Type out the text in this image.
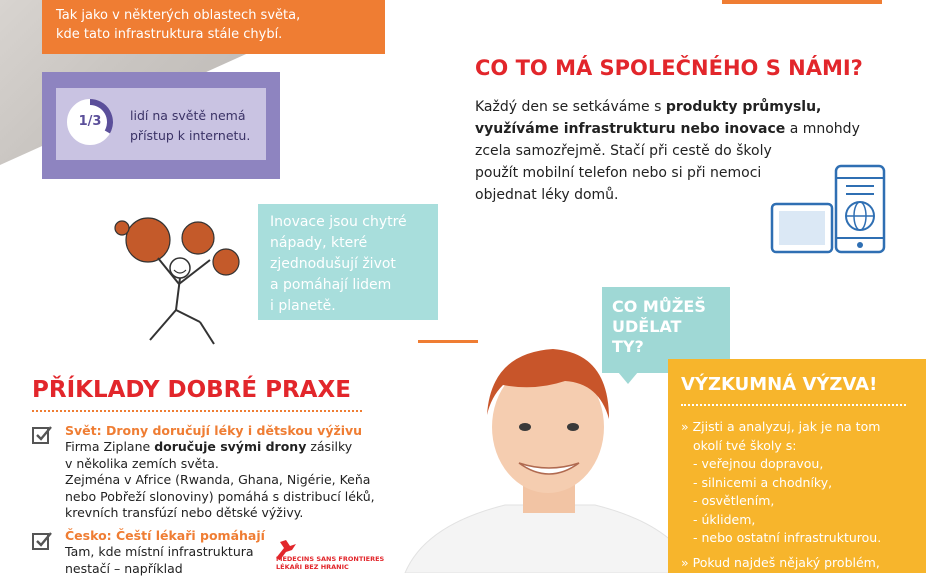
Tak jako v některých oblastech světa,
kde tato infrastruktura stále chybí.
1/3	lidí na světě nemá
přístup k internetu.
CO TO MÁ SPOLEČNÉHO S NÁMI?
Každý den se setkáváme s produkty průmyslu,
využíváme infrastrukturu nebo inovace a mnohdy
zcela samozřejmě. Stačí při cestě do školy
použít mobilní telefon nebo si při nemoci
objednat léky domů.
Inovace jsou chytré
nápady, které
zjednodušují život
a pomáhají lidem
i planetě.	CO MŮŽEŠ
UDĚLAT
TY?
VÝZKUMNÁ VÝZVA!
» Zjisti a analyzuj, jak je na tom
okolí tvé školy s:
- veřejnou dopravou,
- silnicemi a chodníky,
- osvětlením,
- úklidem,
- nebo ostatní infrastrukturou.
» Pokud najdeš nějaký problém,
PŘÍKLADY DOBRÉ PRAXE
Svět: Drony doručují léky i dětskou výživu
Firma Ziplane doručuje svými drony zásilky
v několika zemích světa.
Zejména v Africe (Rwanda, Ghana, Nigérie, Keňa
nebo Pobřeží slonoviny) pomáhá s distribucí léků,
krevních transfúzí nebo dětské výživy.
Česko: Čeští lékaři pomáhají
Tam, kde místní infrastruktura
nestačí – například
MEDECINS SANS FRONTIERES
LÉKAŘI BEZ HRANIC
